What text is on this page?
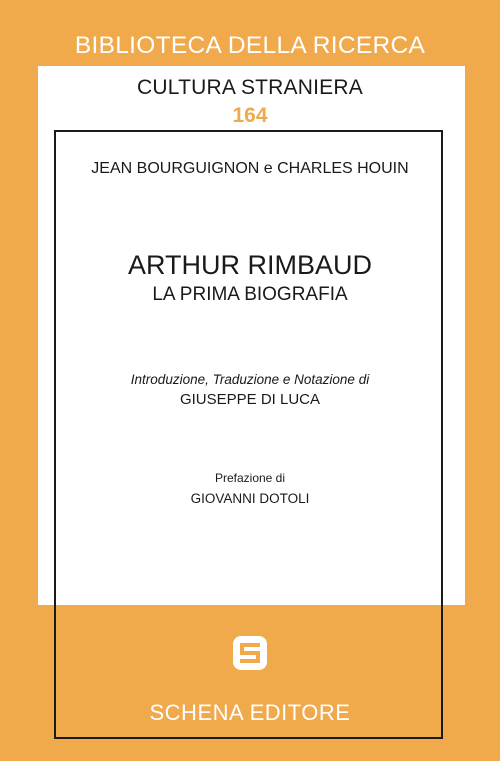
BIBLIOTECA DELLA RICERCA
CULTURA STRANIERA
164
JEAN BOURGUIGNON e CHARLES HOUIN
ARTHUR RIMBAUD
LA PRIMA BIOGRAFIA
Introduzione, Traduzione e Notazione di
GIUSEPPE DI LUCA
Prefazione di
GIOVANNI DOTOLI
SCHENA EDITORE
